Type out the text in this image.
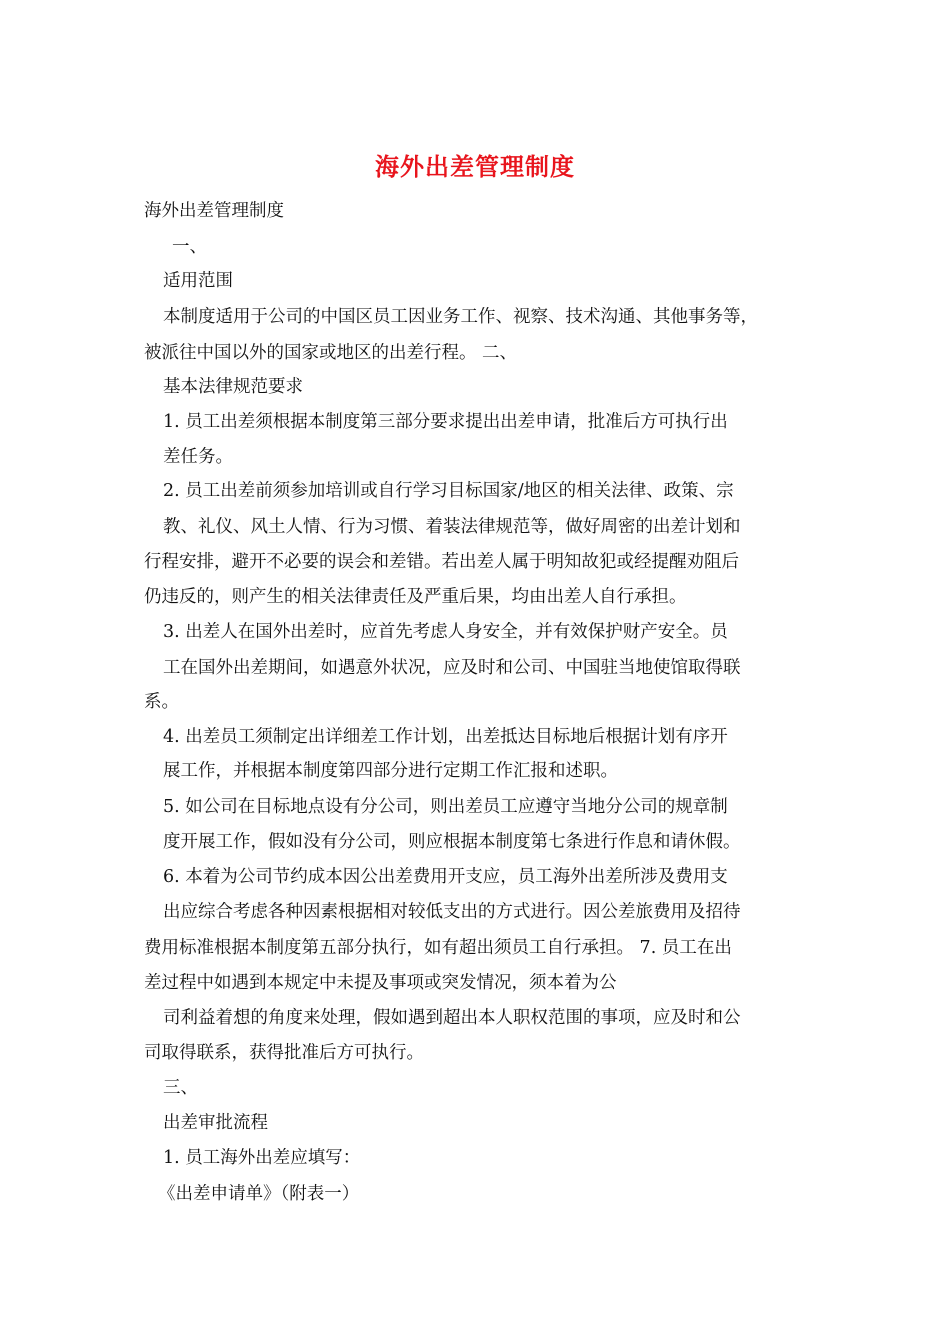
海外出差管理制度
海外出差管理制度
一、
适用范围
本制度适用于公司的中国区员工因业务工作、视察、技术沟通、其他事务等，
被派往中国以外的国家或地区的出差行程。 二、
基本法律规范要求
1. 员工出差须根据本制度第三部分要求提出出差申请，批准后方可执行出
差任务。
2. 员工出差前须参加培训或自行学习目标国家/地区的相关法律、政策、宗
教、礼仪、风土人情、行为习惯、着装法律规范等，做好周密的出差计划和
行程安排，避开不必要的误会和差错。若出差人属于明知故犯或经提醒劝阻后
仍违反的，则产生的相关法律责任及严重后果，均由出差人自行承担。
3. 出差人在国外出差时，应首先考虑人身安全，并有效保护财产安全。员
工在国外出差期间，如遇意外状况，应及时和公司、中国驻当地使馆取得联
系。
4. 出差员工须制定出详细差工作计划，出差抵达目标地后根据计划有序开
展工作，并根据本制度第四部分进行定期工作汇报和述职。
5. 如公司在目标地点设有分公司，则出差员工应遵守当地分公司的规章制
度开展工作，假如没有分公司，则应根据本制度第七条进行作息和请休假。
6. 本着为公司节约成本因公出差费用开支应，员工海外出差所涉及费用支
出应综合考虑各种因素根据相对较低支出的方式进行。因公差旅费用及招待
费用标准根据本制度第五部分执行，如有超出须员工自行承担。 7. 员工在出
差过程中如遇到本规定中未提及事项或突发情况，须本着为公
司利益着想的角度来处理，假如遇到超出本人职权范围的事项，应及时和公
司取得联系，获得批准后方可执行。
三、
出差审批流程
1. 员工海外出差应填写：
《出差申请单》（附表一）
